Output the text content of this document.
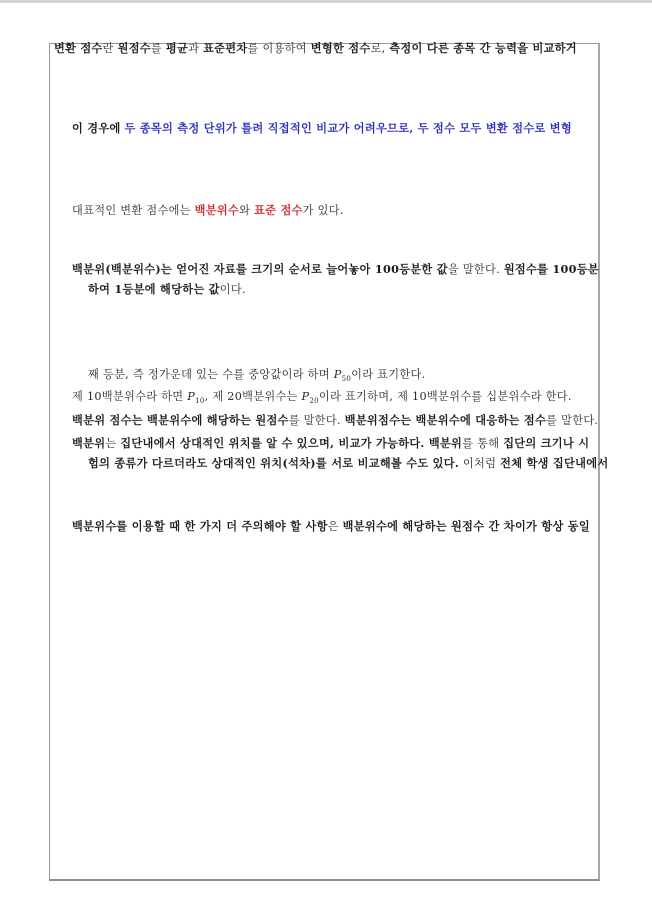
변환 점수란 원점수를 평균과 표준편차를 이용하여 변형한 점수로, 측정이 다른 종목 간 능력을 비교하거
이 경우에 두 종목의 측정 단위가 틀려 직접적인 비교가 어려우므로, 두 점수 모두 변환 점수로 변형
대표적인 변환 점수에는 백분위수와 표준 점수가 있다.
백분위(백분위수)는 얻어진 자료를 크기의 순서로 늘어놓아 100등분한 값을 말한다. 원점수를 100등분
하여 1등분에 해당하는 값이다.
째 등분, 즉 정가운데 있는 수를 중앙값이라 하며 $P_{50}$이라 표기한다.
제 10백분위수라 하면 $P_{10}$, 제 20백분위수는 $P_{20}$이라 표기하며, 제 10백분위수를 십분위수라 한다.
백분위 점수는 백분위수에 해당하는 원점수를 말한다. 백분위점수는 백분위수에 대응하는 점수를 말한다.
백분위는 집단내에서 상대적인 위치를 알 수 있으며, 비교가 가능하다. 백분위를 통해 집단의 크기나 시
험의 종류가 다르더라도 상대적인 위치(석차)를 서로 비교해볼 수도 있다. 이처럼 전체 학생 집단내에서
백분위수를 이용할 때 한 가지 더 주의해야 할 사항은 백분위수에 해당하는 원점수 간 차이가 항상 동일
